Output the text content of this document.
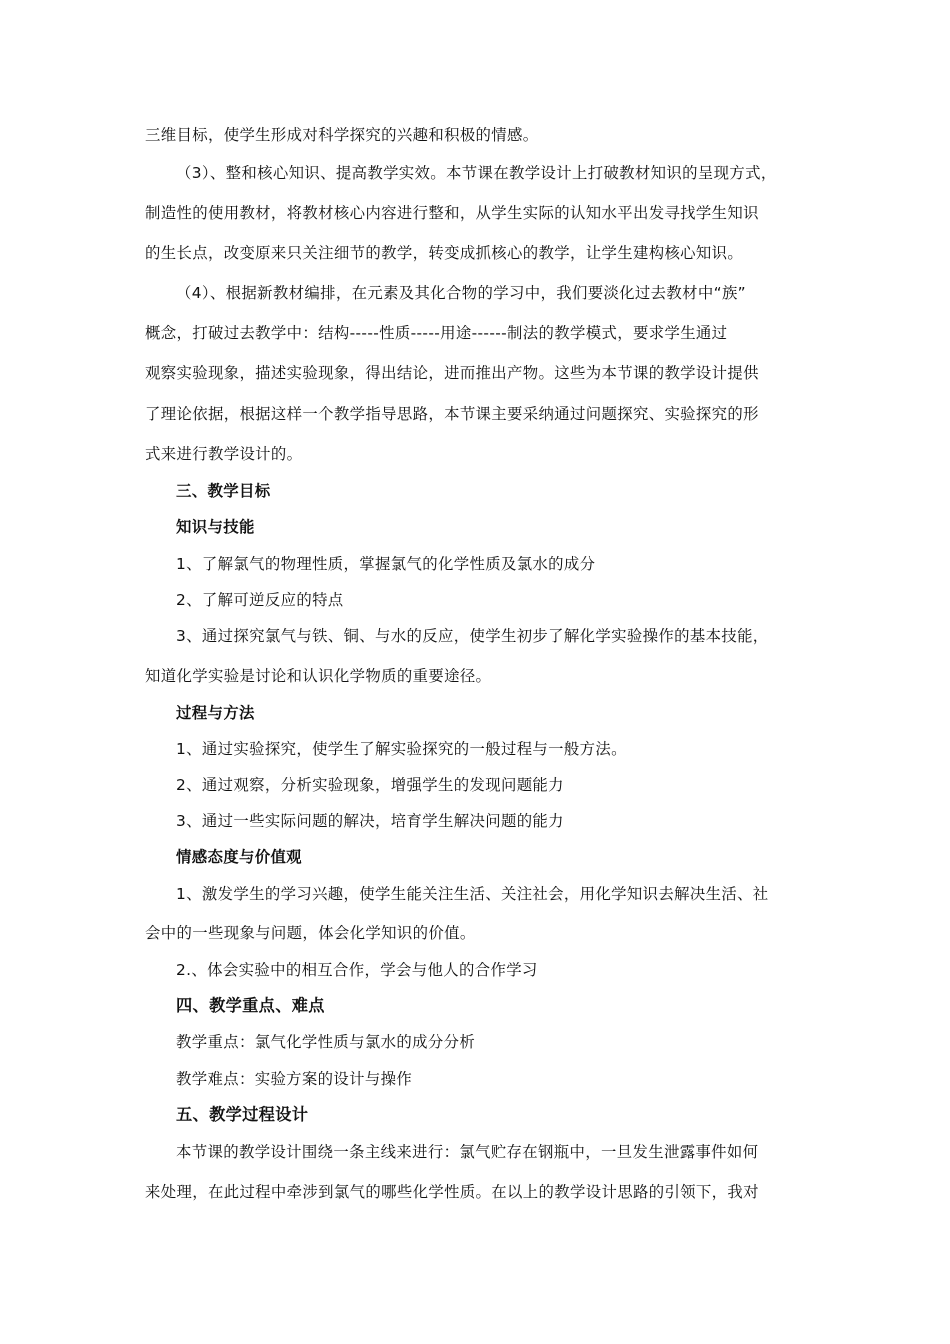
三维目标，使学生形成对科学探究的兴趣和积极的情感。
（3）、整和核心知识、提高教学实效。本节课在教学设计上打破教材知识的呈现方式，
制造性的使用教材，将教材核心内容进行整和，从学生实际的认知水平出发寻找学生知识
的生长点，改变原来只关注细节的教学，转变成抓核心的教学，让学生建构核心知识。
（4）、根据新教材编排，在元素及其化合物的学习中，我们要淡化过去教材中“族”
概念，打破过去教学中：结构-----性质-----用途------制法的教学模式，要求学生通过
观察实验现象，描述实验现象，得出结论，进而推出产物。这些为本节课的教学设计提供
了理论依据，根据这样一个教学指导思路，本节课主要采纳通过问题探究、实验探究的形
式来进行教学设计的。
三、教学目标
知识与技能
1、了解氯气的物理性质，掌握氯气的化学性质及氯水的成分
2、了解可逆反应的特点
3、通过探究氯气与铁、铜、与水的反应，使学生初步了解化学实验操作的基本技能，
知道化学实验是讨论和认识化学物质的重要途径。
过程与方法
1、通过实验探究，使学生了解实验探究的一般过程与一般方法。
2、通过观察，分析实验现象，增强学生的发现问题能力
3、通过一些实际问题的解决，培育学生解决问题的能力
情感态度与价值观
1、激发学生的学习兴趣，使学生能关注生活、关注社会，用化学知识去解决生活、社
会中的一些现象与问题，体会化学知识的价值。
2.、体会实验中的相互合作，学会与他人的合作学习
四、教学重点、难点
教学重点：氯气化学性质与氯水的成分分析
教学难点：实验方案的设计与操作
五、教学过程设计
本节课的教学设计围绕一条主线来进行：氯气贮存在钢瓶中，一旦发生泄露事件如何
来处理，在此过程中牵涉到氯气的哪些化学性质。在以上的教学设计思路的引领下，我对
